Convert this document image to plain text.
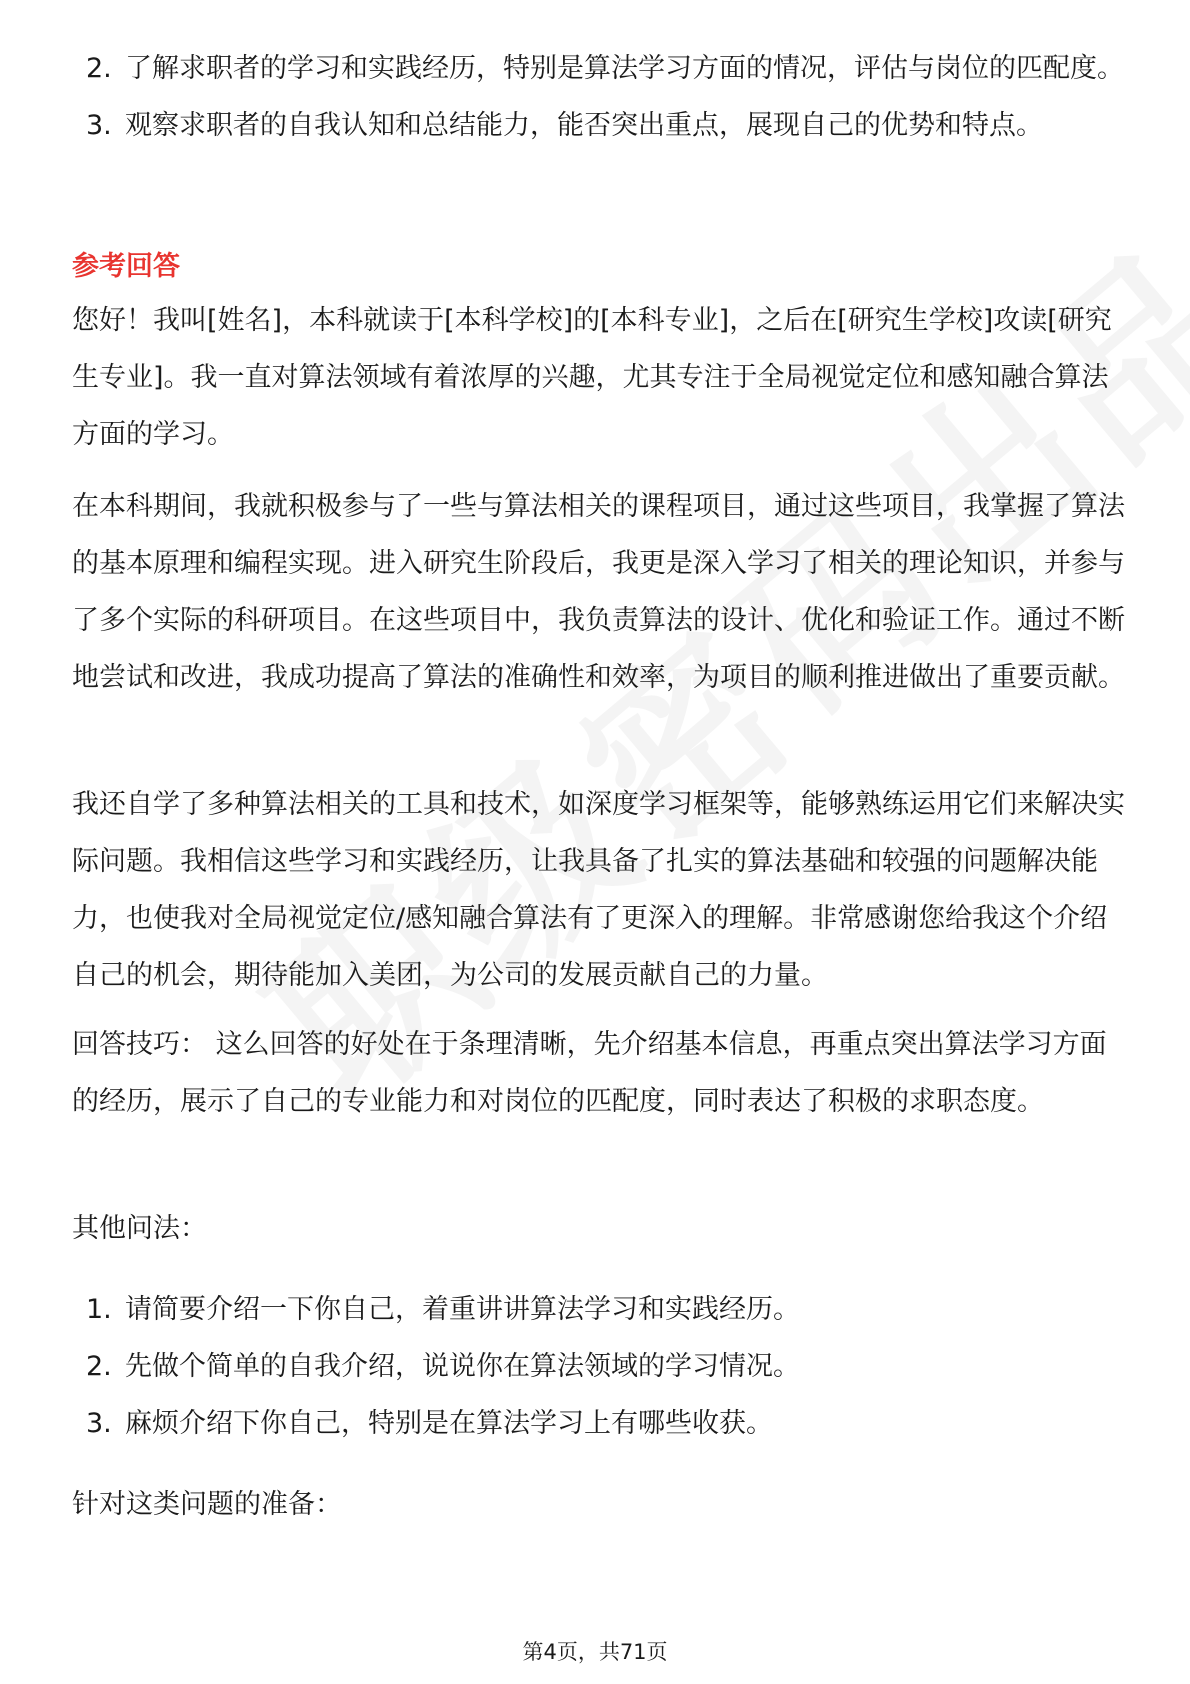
2. 了解求职者的学习和实践经历，特别是算法学习方面的情况，评估与岗位的匹配度。
3. 观察求职者的自我认知和总结能力，能否突出重点，展现自己的优势和特点。
参考回答

您好！我叫[姓名]，本科就读于[本科学校]的[本科专业]，之后在[研究生学校]攻读[研究生专业]。我一直对算法领域有着浓厚的兴趣，尤其专注于全局视觉定位和感知融合算法方面的学习。

在本科期间，我就积极参与了一些与算法相关的课程项目，通过这些项目，我掌握了算法的基本原理和编程实现。进入研究生阶段后，我更是深入学习了相关的理论知识，并参与了多个实际的科研项目。在这些项目中，我负责算法的设计、优化和验证工作。通过不断地尝试和改进，我成功提高了算法的准确性和效率，为项目的顺利推进做出了重要贡献。

我还自学了多种算法相关的工具和技术，如深度学习框架等，能够熟练运用它们来解决实际问题。我相信这些学习和实践经历，让我具备了扎实的算法基础和较强的问题解决能力，也使我对全局视觉定位/感知融合算法有了更深入的理解。非常感谢您给我这个介绍自己的机会，期待能加入美团，为公司的发展贡献自己的力量。

回答技巧： 这么回答的好处在于条理清晰，先介绍基本信息，再重点突出算法学习方面的经历，展示了自己的专业能力和对岗位的匹配度，同时表达了积极的求职态度。

其他问法：

1. 请简要介绍一下你自己，着重讲讲算法学习和实践经历。
2. 先做个简单的自我介绍，说说你在算法领域的学习情况。
3. 麻烦介绍下你自己，特别是在算法学习上有哪些收获。

针对这类问题的准备：

第4页，共71页
